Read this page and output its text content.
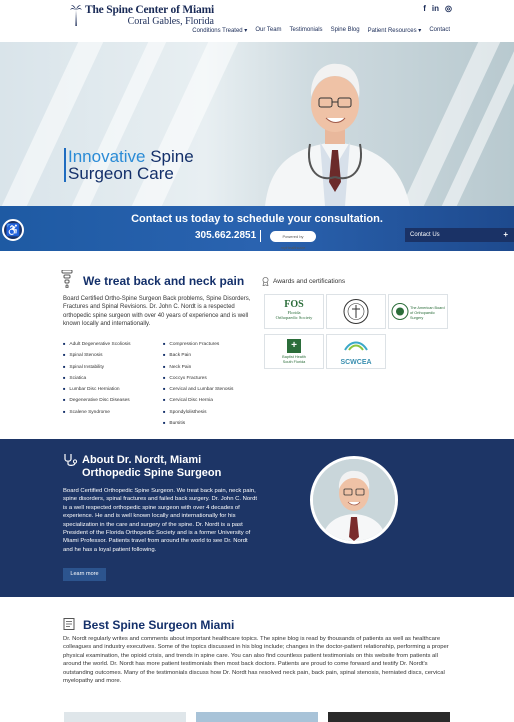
The Spine Center of Miami
Coral Gables, Florida
f in ◎
Conditions Treated ▾ Our Team Testimonials Spine Blog Patient Resources ▾ Contact
Innovative Spine
Surgeon Care
Contact us today to schedule your consultation.
305.662.2851	Powered by myHealthcare
Contact Us	+
♿
We treat back and neck pain
Board Certified Ortho-Spine Surgeon Back problems, Spine Disorders, Fractures and Spinal Revisions. Dr. John C. Nordt is a respected orthopedic spine surgeon with over 40 years of experience and is well known locally and internationally.
■ Adult Degenerative Scoliosis
■ Spinal Stenosis
■ Spinal Instability
■ Sciatica
■ Lumbar Disc Herniation
■ Degenerative Disc Diseases
■ Scalene Syndrome
■ Compression Fractures
■ Back Pain
■ Neck Pain
■ Coccyx Fractures
■ Cervical and Lumbar Stenosis
■ Cervical Disc Hernia
■ Spondylolisthesis
■ Bursitis
Awards and certifications
FOS
Florida
Orthopaedic Society
The American Board
of Orthopaedic Surgery
+
Baptist Health
South Florida	SCWCEA
About Dr. Nordt, Miami
Orthopedic Spine Surgeon
Board Certified Orthopedic Spine Surgeon. We treat back pain, neck pain, spine disorders, spinal fractures and failed back surgery. Dr. John C. Nordt is a well respected orthopedic spine surgeon with over 4 decades of experience. He and is well known locally and internationally for his specialization in the care and surgery of the spine. Dr. Nordt is a past President of the Florida Orthopedic Society and is a former University of Miami Professor. Patients travel from around the world to see Dr. Nordt and he has a loyal patient following.
Learn more
Best Spine Surgeon Miami
Dr. Nordt regularly writes and comments about important healthcare topics. The spine blog is read by thousands of patients as well as healthcare colleagues and industry executives. Some of the topics discussed in his blog include; changes in the doctor-patient relationship, performing a proper physical examination, the opioid crisis, and trends in spine care. You can also find countless patient testimonials on this website from patients all around the world. Dr. Nordt has more patient testimonials then most back doctors. Patients are proud to come forward and testify Dr. Nordt's outstanding outcomes. Many of the testimonials discuss how Dr. Nordt has resolved neck pain, back pain, spinal stenosis, herniated discs, cervical myelopathy and more.
